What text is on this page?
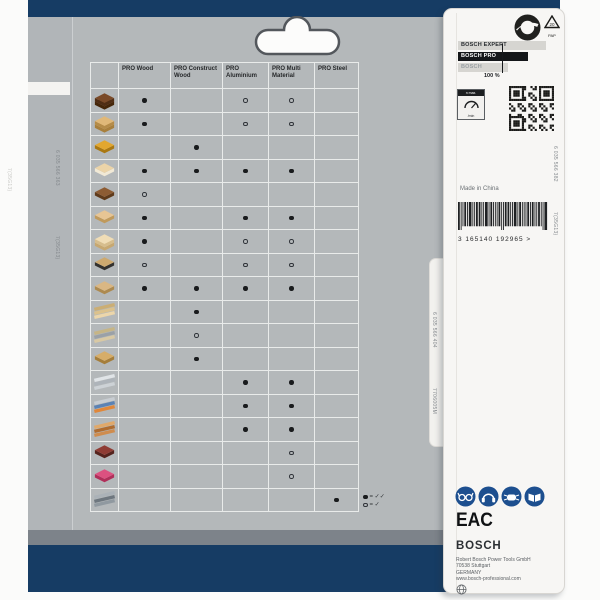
7(35G13)	6 035 566 363
7(35G13)
PRO Wood	PRO Construct Wood
PRO Aluminium
PRO Multi Material
PRO Steel
= ✓✓
= ✓
6 035 566 404
7706005M
20
PAP
BOSCH EXPERT
BOSCH PRO
BOSCH
100 %
n max.
/min
Made in China
3 165140 192965 >
6 035 566 382
7(35G13)
EAC
BOSCH
Robert Bosch Power Tools GmbH
70538 Stuttgart
GERMANY
www.bosch-professional.com
